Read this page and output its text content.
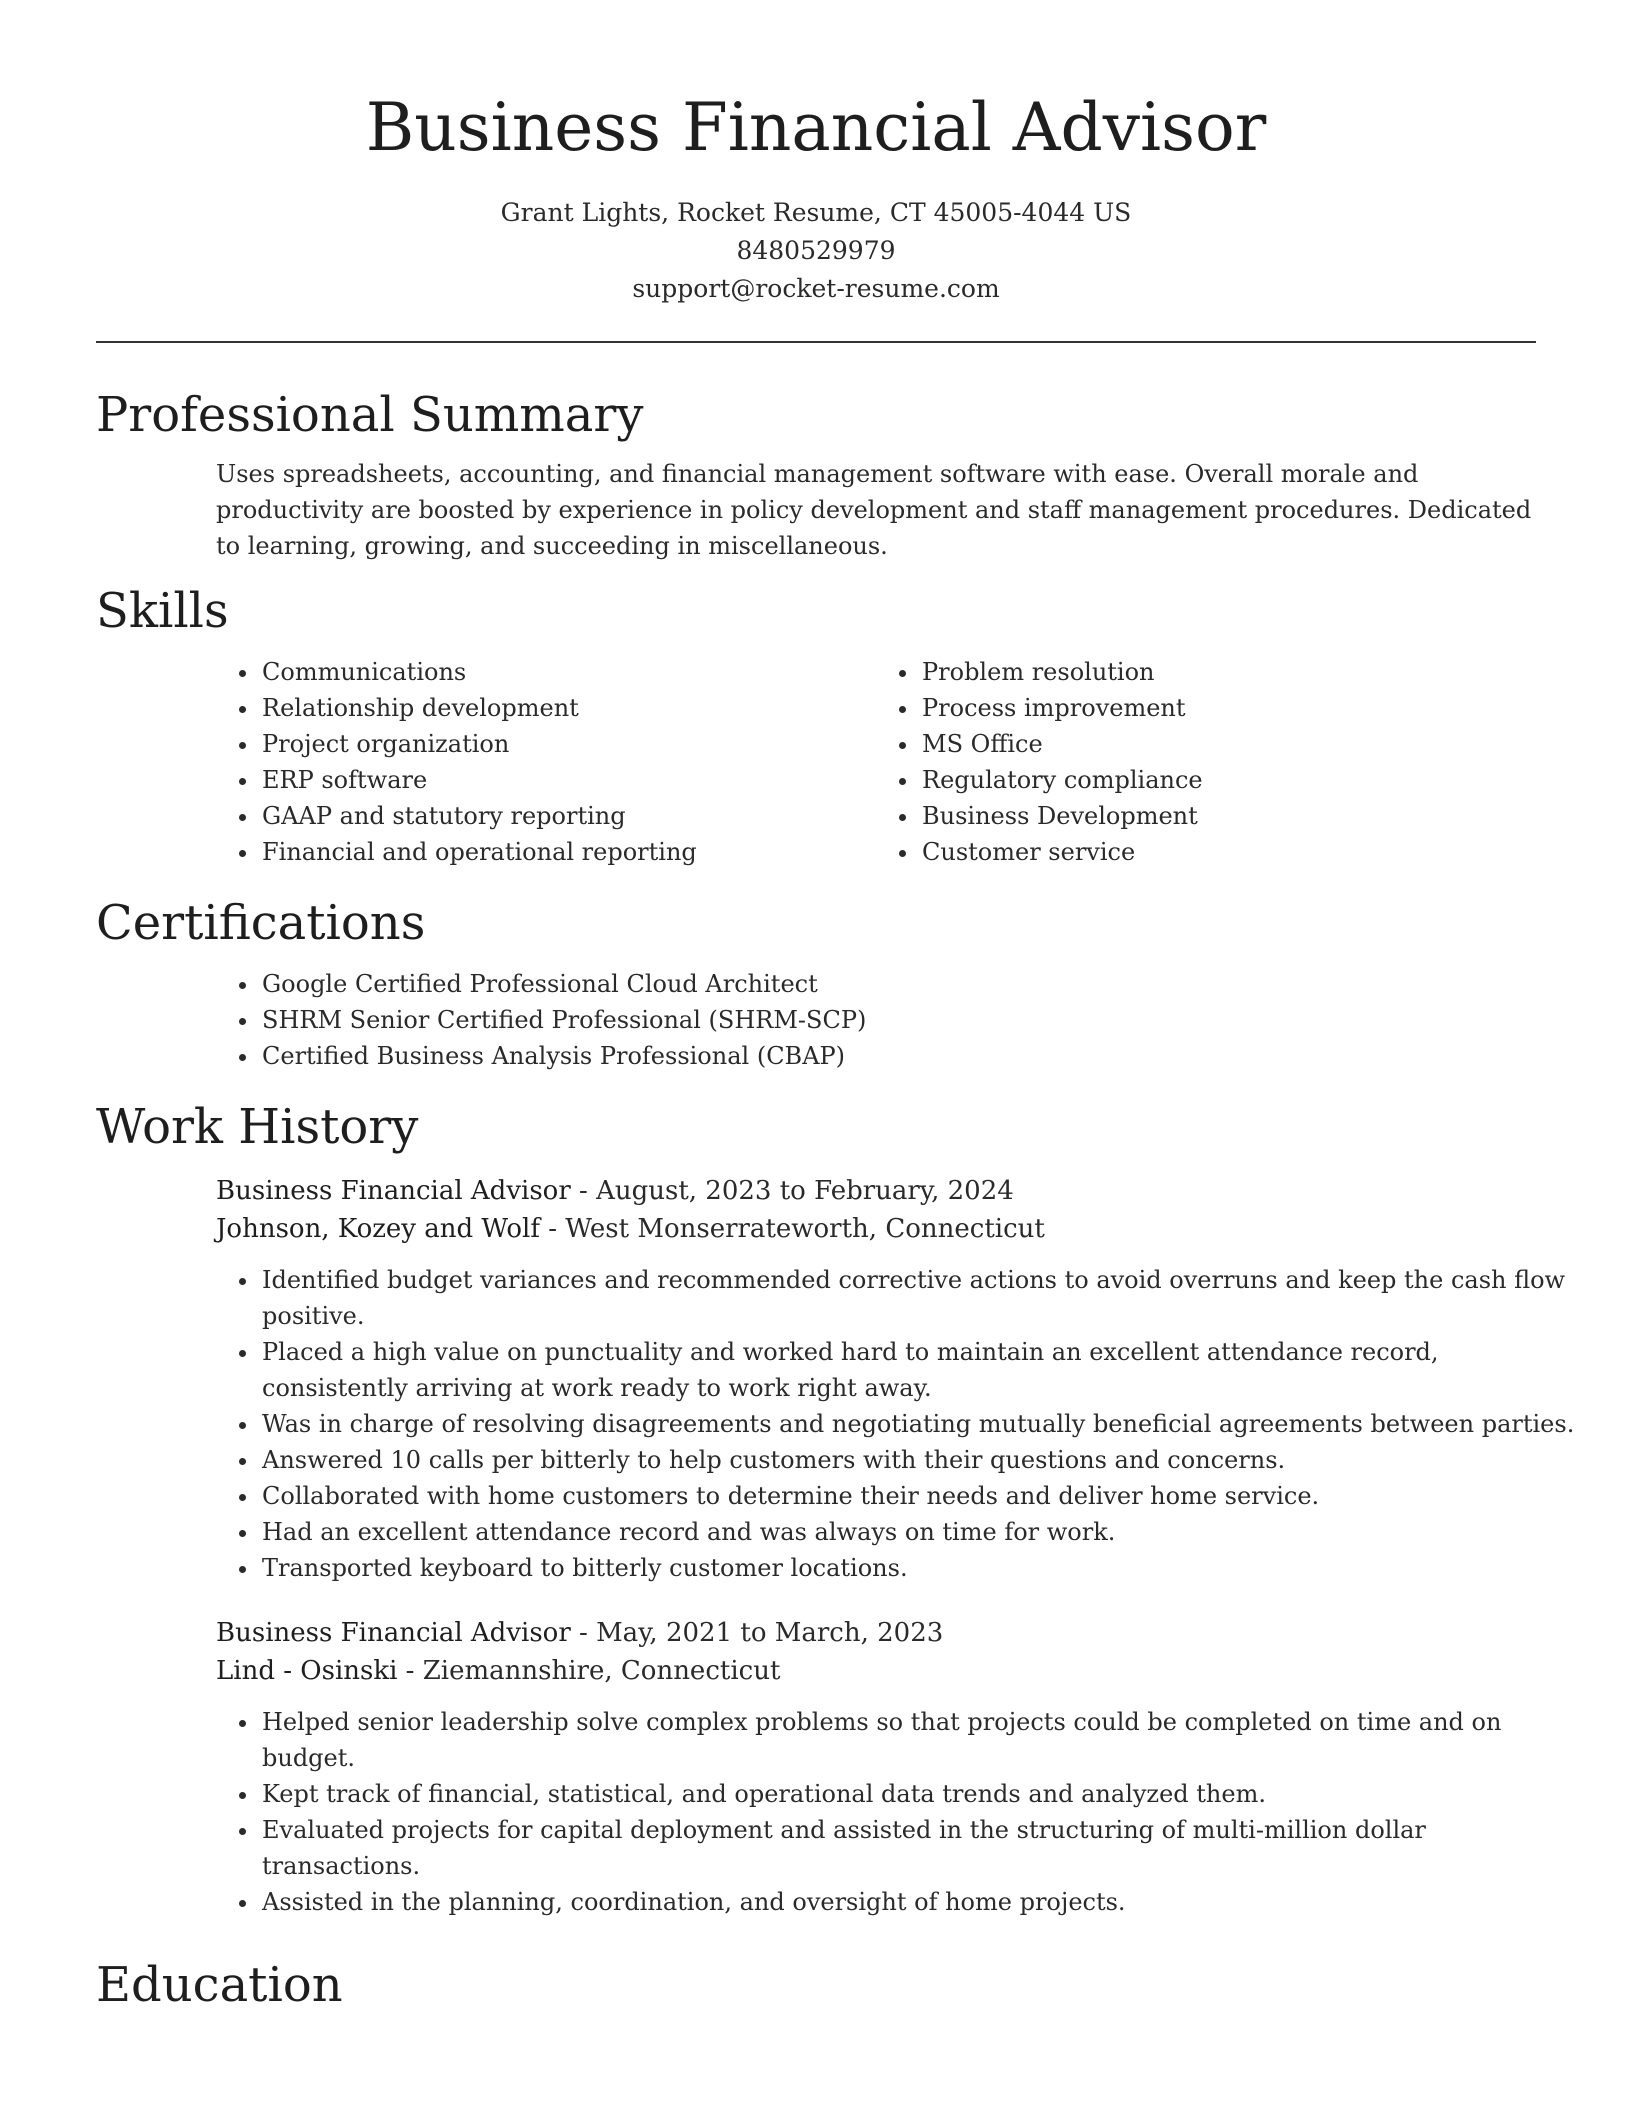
Business Financial Advisor
Grant Lights, Rocket Resume, CT 45005-4044 US
8480529979
support@rocket-resume.com
Professional Summary

Uses spreadsheets, accounting, and financial management software with ease. Overall morale and productivity are boosted by experience in policy development and staff management procedures. Dedicated to learning, growing, and succeeding in miscellaneous.

Skills
• Communications
• Relationship development
• Project organization
• ERP software
• GAAP and statutory reporting
• Financial and operational reporting
• Problem resolution
• Process improvement
• MS Office
• Regulatory compliance
• Business Development
• Customer service
Certifications
• Google Certified Professional Cloud Architect
• SHRM Senior Certified Professional (SHRM-SCP)
• Certified Business Analysis Professional (CBAP)
Work History
Business Financial Advisor - August, 2023 to February, 2024
Johnson, Kozey and Wolf - West Monserrateworth, Connecticut
• Identified budget variances and recommended corrective actions to avoid overruns and keep the cash flow positive.
• Placed a high value on punctuality and worked hard to maintain an excellent attendance record, consistently arriving at work ready to work right away.
• Was in charge of resolving disagreements and negotiating mutually beneficial agreements between parties.
• Answered 10 calls per bitterly to help customers with their questions and concerns.
• Collaborated with home customers to determine their needs and deliver home service.
• Had an excellent attendance record and was always on time for work.
• Transported keyboard to bitterly customer locations.
Business Financial Advisor - May, 2021 to March, 2023
Lind - Osinski - Ziemannshire, Connecticut
• Helped senior leadership solve complex problems so that projects could be completed on time and on budget.
• Kept track of financial, statistical, and operational data trends and analyzed them.
• Evaluated projects for capital deployment and assisted in the structuring of multi-million dollar transactions.
• Assisted in the planning, coordination, and oversight of home projects.
Education
